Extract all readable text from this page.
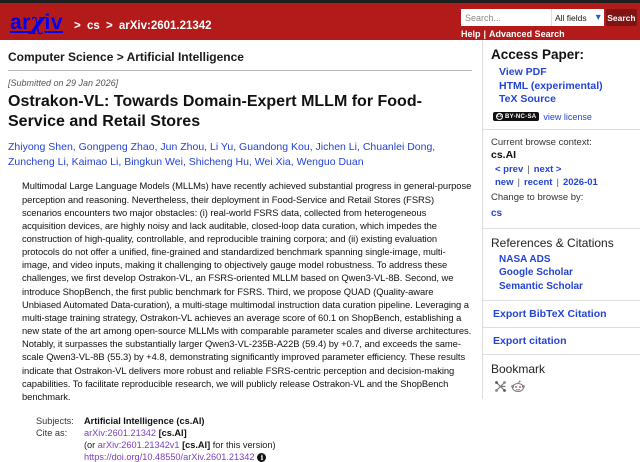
ar χ iv > cs > arXiv:2601.21342
Search...
All fields ▾ Search
Help | Advanced Search
Computer Science > Artificial Intelligence
[Submitted on 29 Jan 2026]
Ostrakon-VL: Towards Domain-Expert MLLM for Food-Service and Retail Stores
Zhiyong Shen , Gongpeng Zhao , Jun Zhou , Li Yu , Guandong Kou , Jichen Li , Chuanlei Dong , Zuncheng Li , Kaimao Li , Bingkun Wei , Shicheng Hu , Wei Xia , Wenguo Duan

Multimodal Large Language Models (MLLMs) have recently achieved substantial progress in general-purpose perception and reasoning. Nevertheless, their deployment in Food-Service and Retail Stores (FSRS) scenarios encounters two major obstacles: (i) real-world FSRS data, collected from heterogeneous acquisition devices, are highly noisy and lack auditable, closed-loop data curation, which impedes the construction of high-quality, controllable, and reproducible training corpora; and (ii) existing evaluation protocols do not offer a unified, fine-grained and standardized benchmark spanning single-image, multi-image, and video inputs, making it challenging to objectively gauge model robustness. To address these challenges, we first develop Ostrakon-VL, an FSRS-oriented MLLM based on Qwen3-VL-8B. Second, we introduce ShopBench, the first public benchmark for FSRS. Third, we propose QUAD (Quality-aware Unbiased Automated Data-curation), a multi-stage multimodal instruction data curation pipeline. Leveraging a multi-stage training strategy, Ostrakon-VL achieves an average score of 60.1 on ShopBench, establishing a new state of the art among open-source MLLMs with comparable parameter scales and diverse architectures. Notably, it surpasses the substantially larger Qwen3-VL-235B-A22B (59.4) by +0.7, and exceeds the same-scale Qwen3-VL-8B (55.3) by +4.8, demonstrating significantly improved parameter efficiency. These results indicate that Ostrakon-VL delivers more robust and reliable FSRS-centric perception and decision-making capabilities. To facilitate reproducible research, we will publicly release Ostrakon-VL and the ShopBench benchmark.

Subjects: Artificial Intelligence (cs.AI)
Cite as:	arXiv:2601.21342 [cs.AI]
(or arXiv:2601.21342v1 [cs.AI] for this version)
https://doi.org/10.48550/arXiv.2601.21342 i
Access Paper:
View PDF
HTML (experimental)
TeX Source
cc BY-NC-SA view license
Current browse context:
cs.AI
< prev | next >
new | recent | 2026-01
Change to browse by:
cs
References & Citations
NASA ADS
Google Scholar
Semantic Scholar
Export BibTeX Citation
Export citation
Bookmark
